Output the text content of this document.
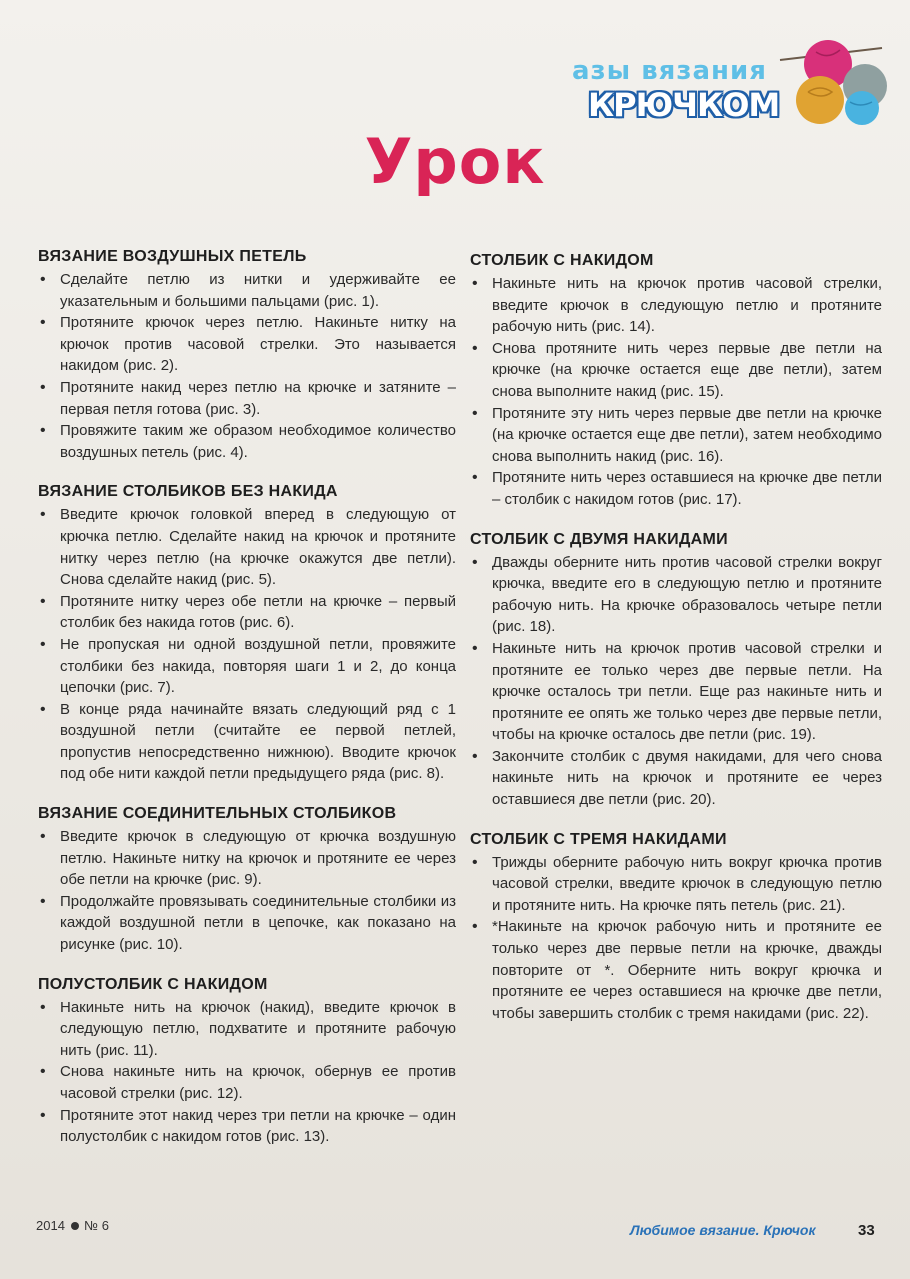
азы вязания
КРЮЧКОМ
Урок
ВЯЗАНИЕ ВОЗДУШНЫХ ПЕТЕЛЬ
• Сделайте петлю из нитки и удерживайте ее указательным и большими пальцами (рис. 1).
• Протяните крючок через петлю. Накиньте нитку на крючок против часовой стрелки. Это называется накидом (рис. 2).
• Протяните накид через петлю на крючке и затяните – первая петля готова (рис. 3).
• Провяжите таким же образом необходимое количество воздушных петель (рис. 4).
ВЯЗАНИЕ СТОЛБИКОВ БЕЗ НАКИДА
• Введите крючок головкой вперед в следующую от крючка петлю. Сделайте накид на крючок и протяните нитку через петлю (на крючке окажутся две петли). Снова сделайте накид (рис. 5).
• Протяните нитку через обе петли на крючке – первый столбик без накида готов (рис. 6).
• Не пропуская ни одной воздушной петли, провяжите столбики без накида, повторяя шаги 1 и 2, до конца цепочки (рис. 7).
• В конце ряда начинайте вязать следующий ряд с 1 воздушной петли (считайте ее первой петлей, пропустив непосредственно нижнюю). Вводите крючок под обе нити каждой петли предыдущего ряда (рис. 8).
ВЯЗАНИЕ СОЕДИНИТЕЛЬНЫХ СТОЛБИКОВ
• Введите крючок в следующую от крючка воздушную петлю. Накиньте нитку на крючок и протяните ее через обе петли на крючке (рис. 9).
• Продолжайте провязывать соединительные столбики из каждой воздушной петли в цепочке, как показано на рисунке (рис. 10).
ПОЛУСТОЛБИК С НАКИДОМ
• Накиньте нить на крючок (накид), введите крючок в следующую петлю, подхватите и протяните рабочую нить (рис. 11).
• Снова накиньте нить на крючок, обернув ее против часовой стрелки (рис. 12).
• Протяните этот накид через три петли на крючке – один полустолбик с накидом готов (рис. 13).
СТОЛБИК С НАКИДОМ
• Накиньте нить на крючок против часовой стрелки, введите крючок в следующую петлю и протяните рабочую нить (рис. 14).
• Снова протяните нить через первые две петли на крючке (на крючке остается еще две петли), затем снова выполните накид (рис. 15).
• Протяните эту нить через первые две петли на крючке (на крючке остается еще две петли), затем необходимо снова выполнить накид (рис. 16).
• Протяните нить через оставшиеся на крючке две петли – столбик с накидом готов (рис. 17).
СТОЛБИК С ДВУМЯ НАКИДАМИ
• Дважды оберните нить против часовой стрелки вокруг крючка, введите его в следующую петлю и протяните рабочую нить. На крючке образовалось четыре петли (рис. 18).
• Накиньте нить на крючок против часовой стрелки и протяните ее только через две первые петли. На крючке осталось три петли. Еще раз накиньте нить и протяните ее опять же только через две первые петли, чтобы на крючке осталось две петли (рис. 19).
• Закончите столбик с двумя накидами, для чего снова накиньте нить на крючок и протяните ее через оставшиеся две петли (рис. 20).
СТОЛБИК С ТРЕМЯ НАКИДАМИ
• Трижды оберните рабочую нить вокруг крючка против часовой стрелки, введите крючок в следующую петлю и протяните нить. На крючке пять петель (рис. 21).
• *Накиньте на крючок рабочую нить и протяните ее только через две первые петли на крючке, дважды повторите от *. Оберните нить вокруг крючка и протяните ее через оставшиеся на крючке две петли, чтобы завершить столбик с тремя накидами (рис. 22).
2014 № 6	Любимое вязание. Крючок	33
